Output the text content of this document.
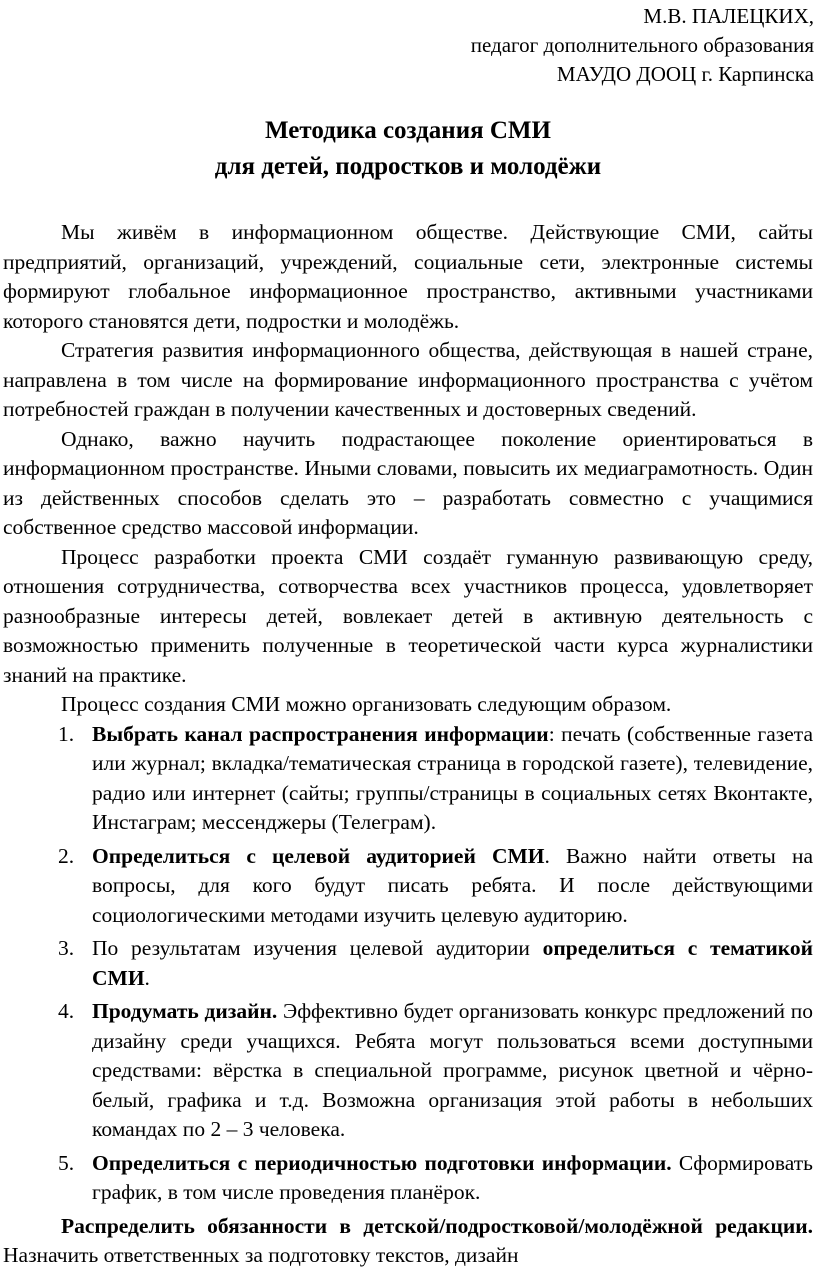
М.В. ПАЛЕЦКИХ,
педагог дополнительного образования
МАУДО ДООЦ г. Карпинска
Методика создания СМИ
для детей, подростков и молодёжи

Мы живём в информационном обществе. Действующие СМИ, сайты предприятий, организаций, учреждений, социальные сети, электронные системы формируют глобальное информационное пространство, активными участниками которого становятся дети, подростки и молодёжь.

Стратегия развития информационного общества, действующая в нашей стране, направлена в том числе на формирование информационного пространства с учётом потребностей граждан в получении качественных и достоверных сведений.

Однако, важно научить подрастающее поколение ориентироваться в информационном пространстве. Иными словами, повысить их медиаграмотность. Один из действенных способов сделать это – разработать совместно с учащимися собственное средство массовой информации.

Процесс разработки проекта СМИ создаёт гуманную развивающую среду, отношения сотрудничества, сотворчества всех участников процесса, удовлетворяет разнообразные интересы детей, вовлекает детей в активную деятельность с возможностью применить полученные в теоретической части курса журналистики знаний на практике.

Процесс создания СМИ можно организовать следующим образом.

1. Выбрать канал распространения информации: печать (собственные газета или журнал; вкладка/тематическая страница в городской газете), телевидение, радио или интернет (сайты; группы/страницы в социальных сетях Вконтакте, Инстаграм; мессенджеры (Телеграм).
2. Определиться с целевой аудиторией СМИ. Важно найти ответы на вопросы, для кого будут писать ребята. И после действующими социологическими методами изучить целевую аудиторию.
3. По результатам изучения целевой аудитории определиться с тематикой СМИ.
4. Продумать дизайн. Эффективно будет организовать конкурс предложений по дизайну среди учащихся. Ребята могут пользоваться всеми доступными средствами: вёрстка в специальной программе, рисунок цветной и чёрно-белый, графика и т.д. Возможна организация этой работы в небольших командах по 2 – 3 человека.
5. Определиться с периодичностью подготовки информации. Сформировать график, в том числе проведения планёрок.

Распределить обязанности в детской/подростковой/молодёжной редакции. Назначить ответственных за подготовку текстов, дизайн
